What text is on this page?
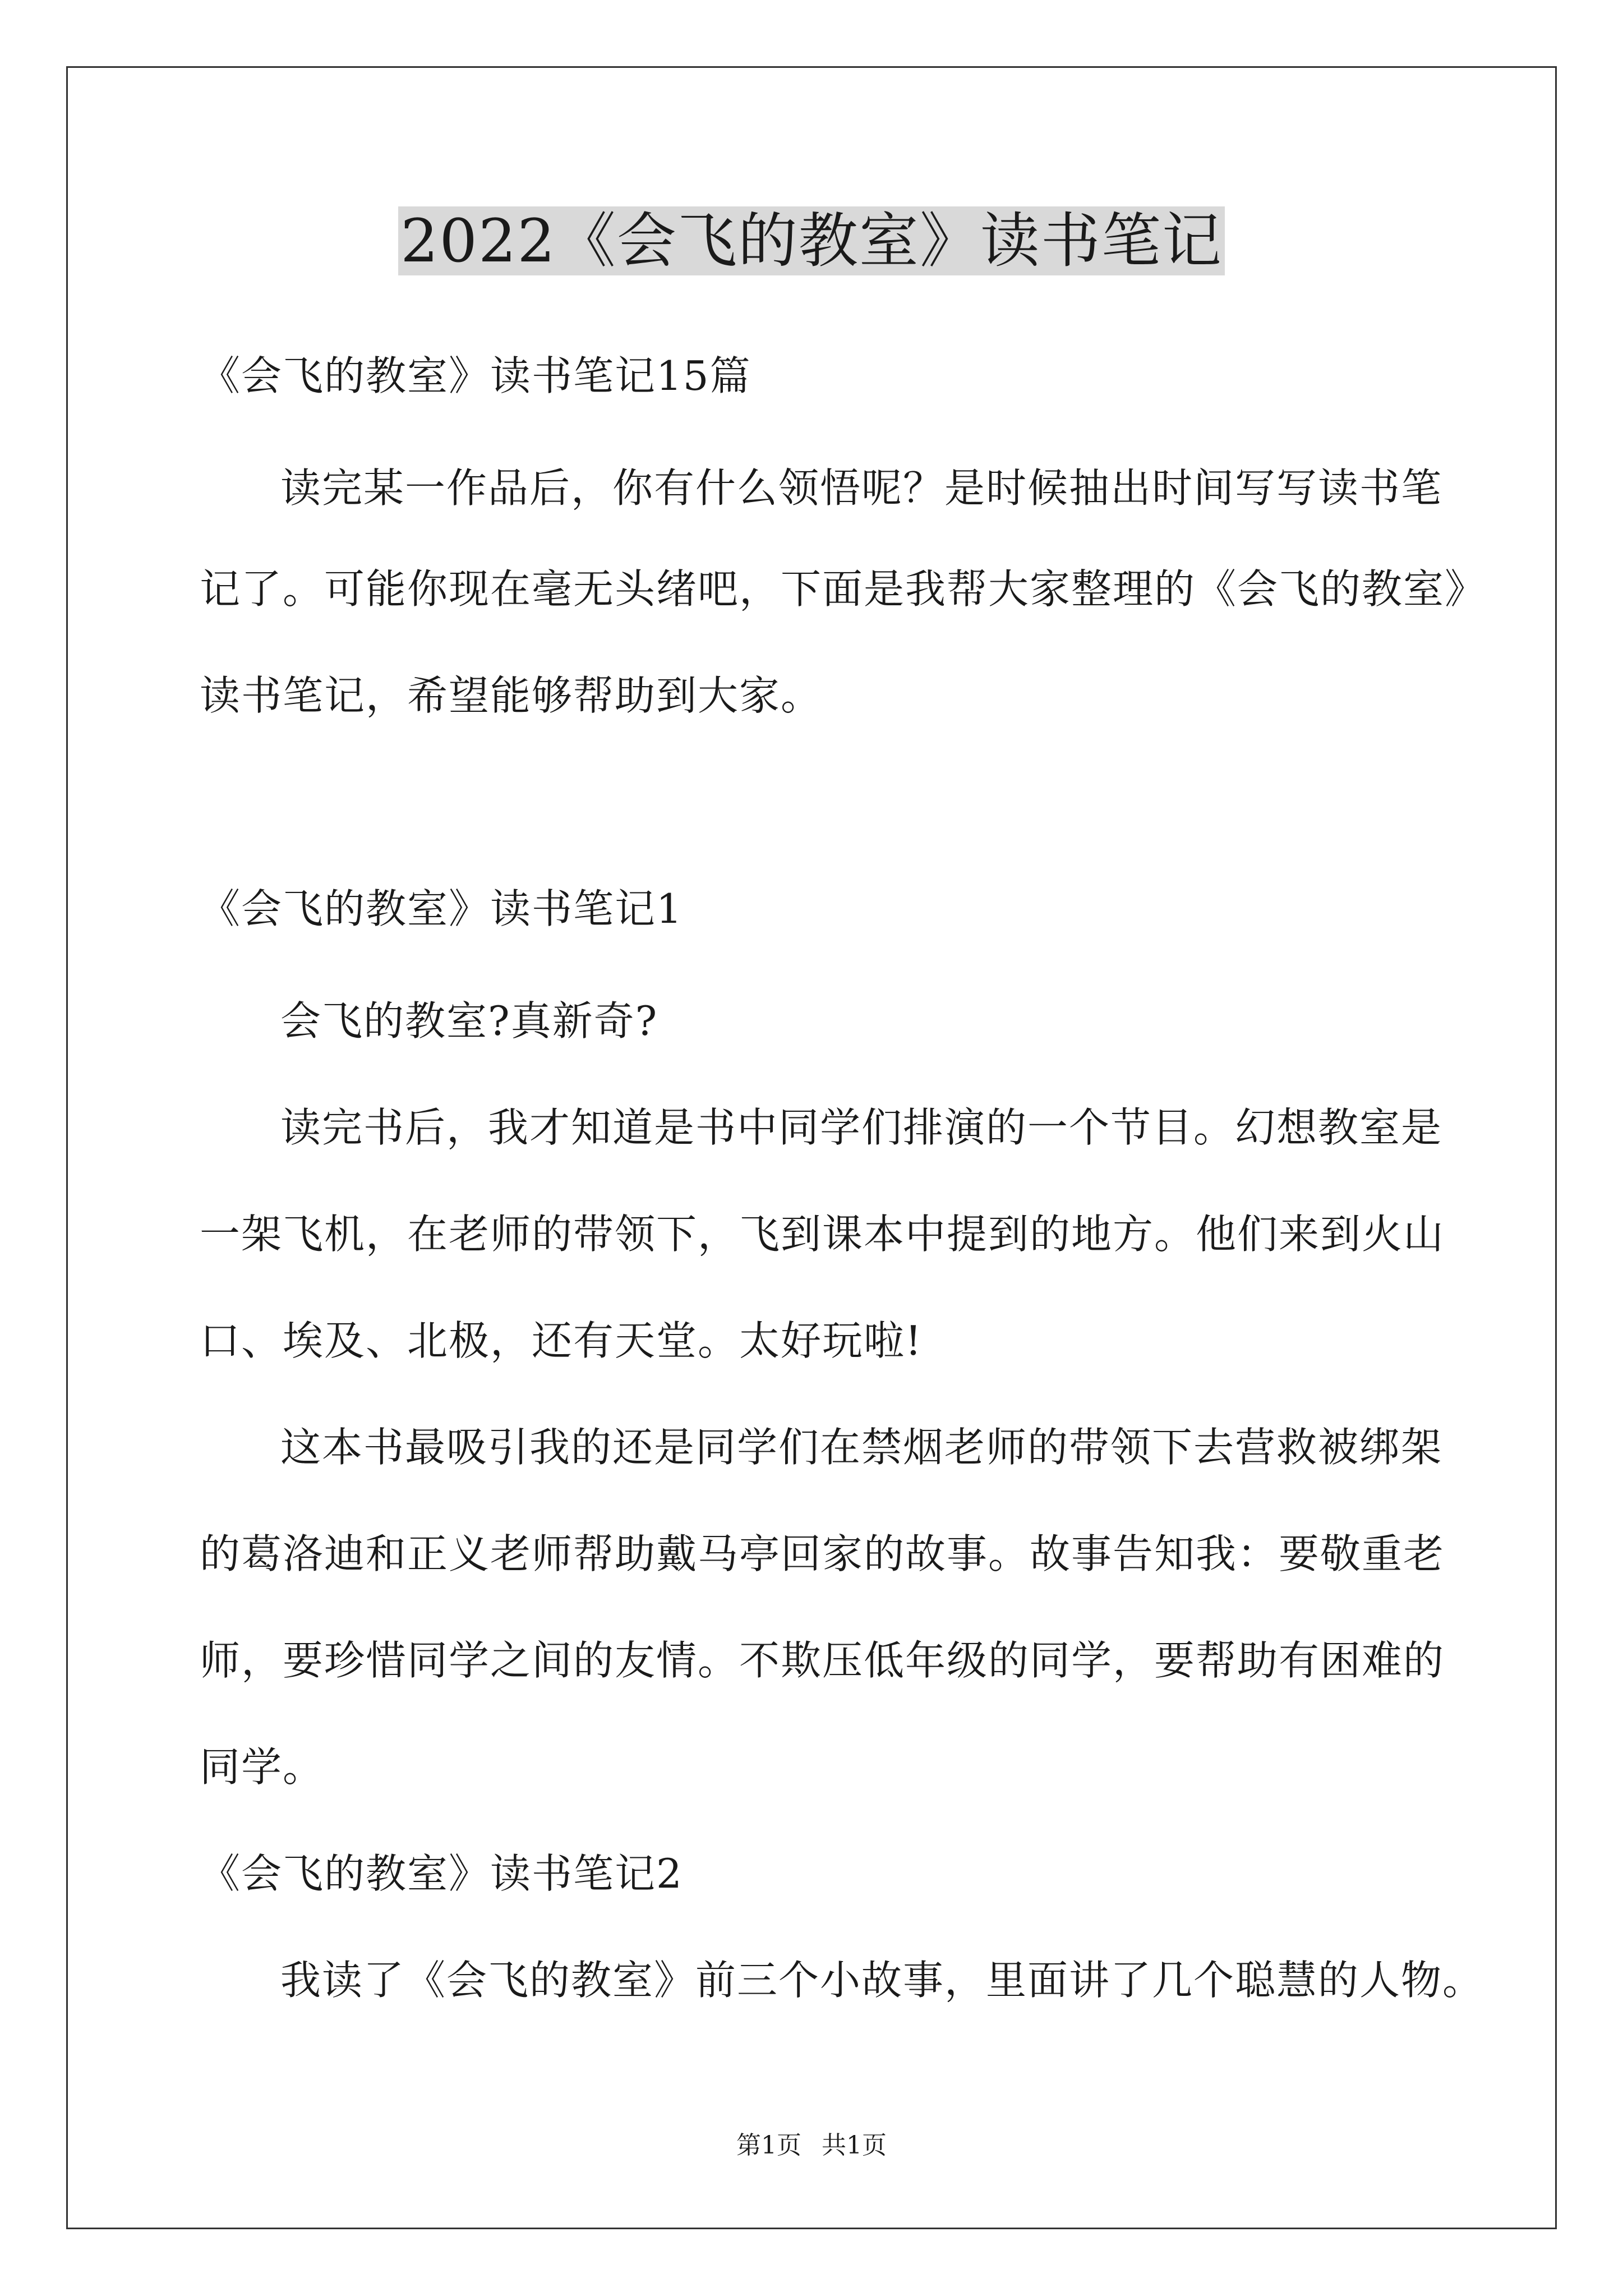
2022《会飞的教室》读书笔记
《会飞的教室》读书笔记15篇
读完某一作品后，你有什么领悟呢？是时候抽出时间写写读书笔
记了。可能你现在毫无头绪吧，下面是我帮大家整理的《会飞的教室》
读书笔记，希望能够帮助到大家。
《会飞的教室》读书笔记1
会飞的教室?真新奇?
读完书后，我才知道是书中同学们排演的一个节目。幻想教室是
一架飞机，在老师的带领下，飞到课本中提到的地方。他们来到火山
口、埃及、北极，还有天堂。太好玩啦!
这本书最吸引我的还是同学们在禁烟老师的带领下去营救被绑架
的葛洛迪和正义老师帮助戴马亭回家的故事。故事告知我：要敬重老
师，要珍惜同学之间的友情。不欺压低年级的同学，要帮助有困难的
同学。
《会飞的教室》读书笔记2
我读了《会飞的教室》前三个小故事，里面讲了几个聪慧的人物。
第1页 共1页
